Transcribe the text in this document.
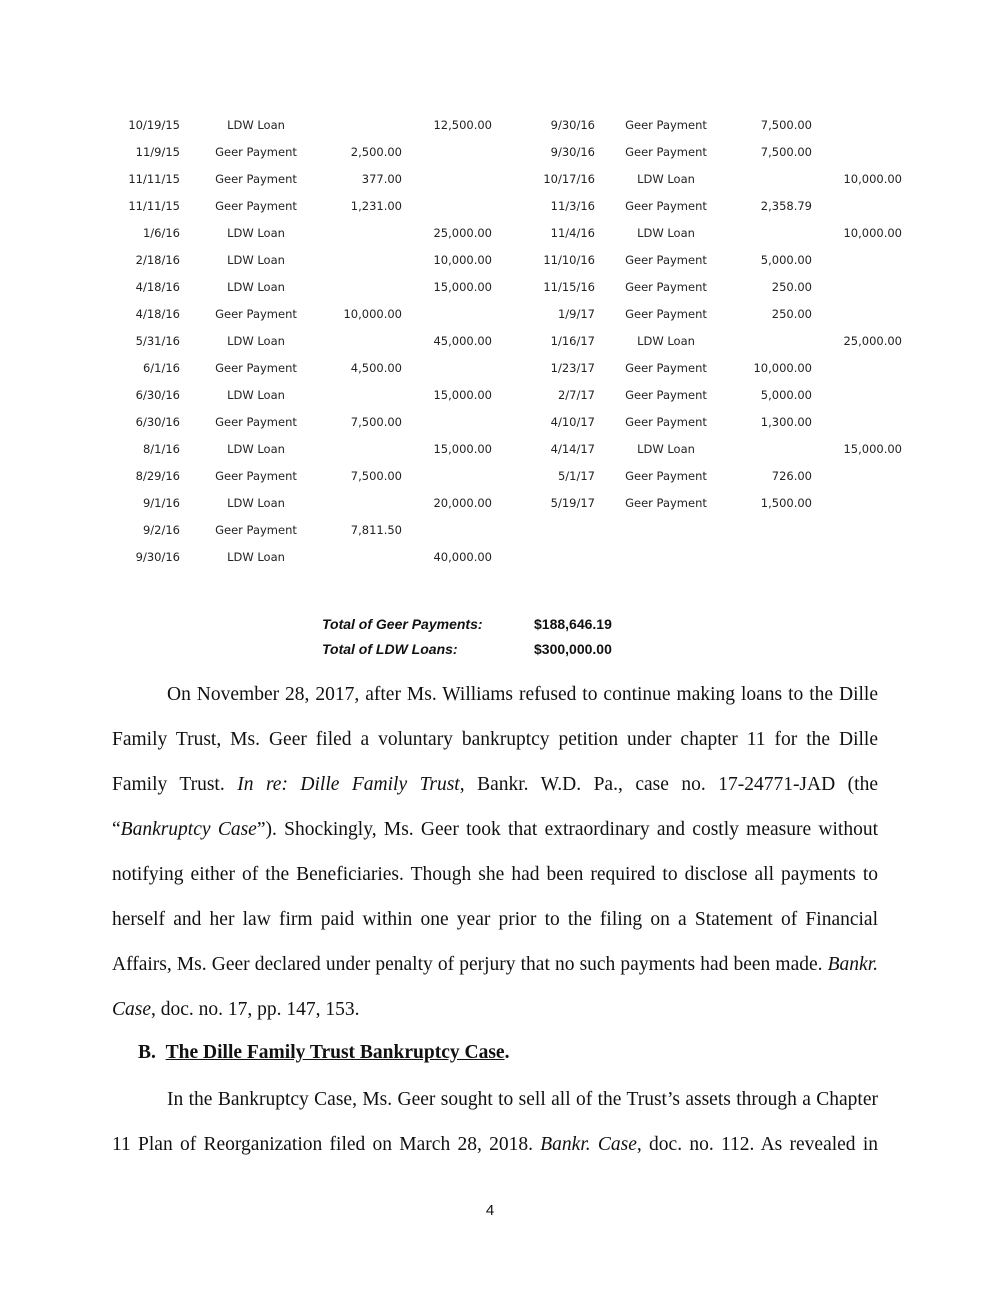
10/19/15	LDW Loan	12,500.00
11/9/15	Geer Payment	2,500.00
11/11/15	Geer Payment	377.00
11/11/15	Geer Payment	1,231.00
1/6/16	LDW Loan	25,000.00
2/18/16	LDW Loan	10,000.00
4/18/16	LDW Loan	15,000.00
4/18/16	Geer Payment	10,000.00
5/31/16	LDW Loan	45,000.00
6/1/16	Geer Payment	4,500.00
6/30/16	LDW Loan	15,000.00
6/30/16	Geer Payment	7,500.00
8/1/16	LDW Loan	15,000.00
8/29/16	Geer Payment	7,500.00
9/1/16	LDW Loan	20,000.00
9/2/16	Geer Payment	7,811.50
9/30/16	LDW Loan	40,000.00
9/30/16	Geer Payment	7,500.00
9/30/16	Geer Payment	7,500.00
10/17/16	LDW Loan	10,000.00
11/3/16	Geer Payment	2,358.79
11/4/16	LDW Loan	10,000.00
11/10/16	Geer Payment	5,000.00
11/15/16	Geer Payment	250.00
1/9/17	Geer Payment	250.00
1/16/17	LDW Loan	25,000.00
1/23/17	Geer Payment	10,000.00
2/7/17	Geer Payment	5,000.00
4/10/17	Geer Payment	1,300.00
4/14/17	LDW Loan	15,000.00
5/1/17	Geer Payment	726.00
5/19/17	Geer Payment	1,500.00
Total of Geer Payments:	$188,646.19
Total of LDW Loans:	$300,000.00

On November 28, 2017, after Ms. Williams refused to continue making loans to the Dille Family Trust, Ms. Geer filed a voluntary bankruptcy petition under chapter 11 for the Dille Family Trust. In re: Dille Family Trust, Bankr. W.D. Pa., case no. 17-24771-JAD (the “Bankruptcy Case”). Shockingly, Ms. Geer took that extraordinary and costly measure without notifying either of the Beneficiaries. Though she had been required to disclose all payments to herself and her law firm paid within one year prior to the filing on a Statement of Financial Affairs, Ms. Geer declared under penalty of perjury that no such payments had been made. Bankr. Case, doc. no. 17, pp. 147, 153.

B. The Dille Family Trust Bankruptcy Case.

In the Bankruptcy Case, Ms. Geer sought to sell all of the Trust’s assets through a Chapter 11 Plan of Reorganization filed on March 28, 2018. Bankr. Case, doc. no. 112. As revealed in

4
